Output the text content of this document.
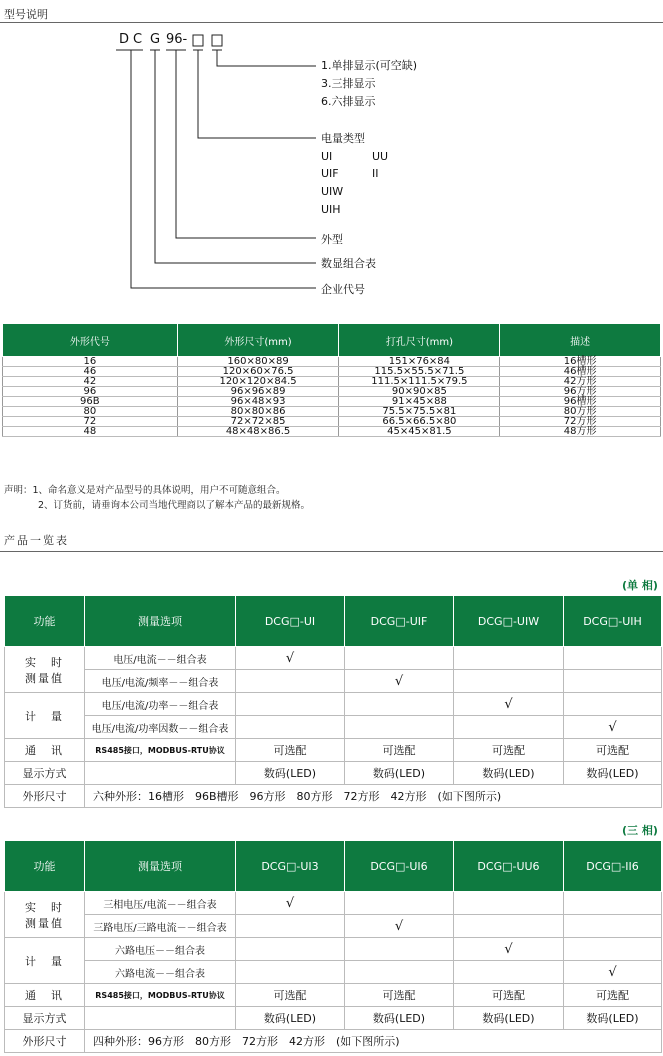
型号说明
D C G 96-
1.单排显示(可空缺)
3.三排显示
6.六排显示
电量类型
UI
UIF
UIW
UIH
UU
II
外型
数显组合表
企业代号
外形代号	外形尺寸(mm)	打孔尺寸(mm)	描述
16	160×80×89	151×76×84	16槽形
46	120×60×76.5	115.5×55.5×71.5	46槽形
42	120×120×84.5	111.5×111.5×79.5	42方形
96	96×96×89	90×90×85	96方形
96B	96×48×93	91×45×88	96槽形
80	80×80×86	75.5×75.5×81	80方形
72	72×72×85	66.5×66.5×80	72方形
48	48×48×86.5	45×45×81.5	48方形
声明：1、命名意义是对产品型号的具体说明，用户不可随意组合。
2、订货前，请垂询本公司当地代理商以了解本产品的最新规格。
产品一览表
(单 相)
功能	测量选项	DCG□-UI	DCG□-UIF	DCG□-UIW	DCG□-UIH

实　时
测量值	电压/电流－－组合表	√			
	电压/电流/频率－－组合表		√		
计　量	电压/电流/功率－－组合表			√	
	电压/电流/功率因数－－组合表				√
通　讯	RS485接口，MODBUS-RTU协议	可选配	可选配	可选配	可选配
显示方式		数码(LED)	数码(LED)	数码(LED)	数码(LED)
外形尺寸	六种外形：16槽形　96B槽形　96方形　80方形　72方形　42方形　(如下图所示)				
(三 相)
功能	测量选项	DCG□-UI3	DCG□-UI6	DCG□-UU6	DCG□-II6

实　时
测量值	三相电压/电流－－组合表	√			
	三路电压/三路电流－－组合表		√		
计　量	六路电压－－组合表			√	
	六路电流－－组合表				√
通　讯	RS485接口，MODBUS-RTU协议	可选配	可选配	可选配	可选配
显示方式		数码(LED)	数码(LED)	数码(LED)	数码(LED)
外形尺寸	四种外形：96方形　80方形　72方形　42方形　(如下图所示)				
